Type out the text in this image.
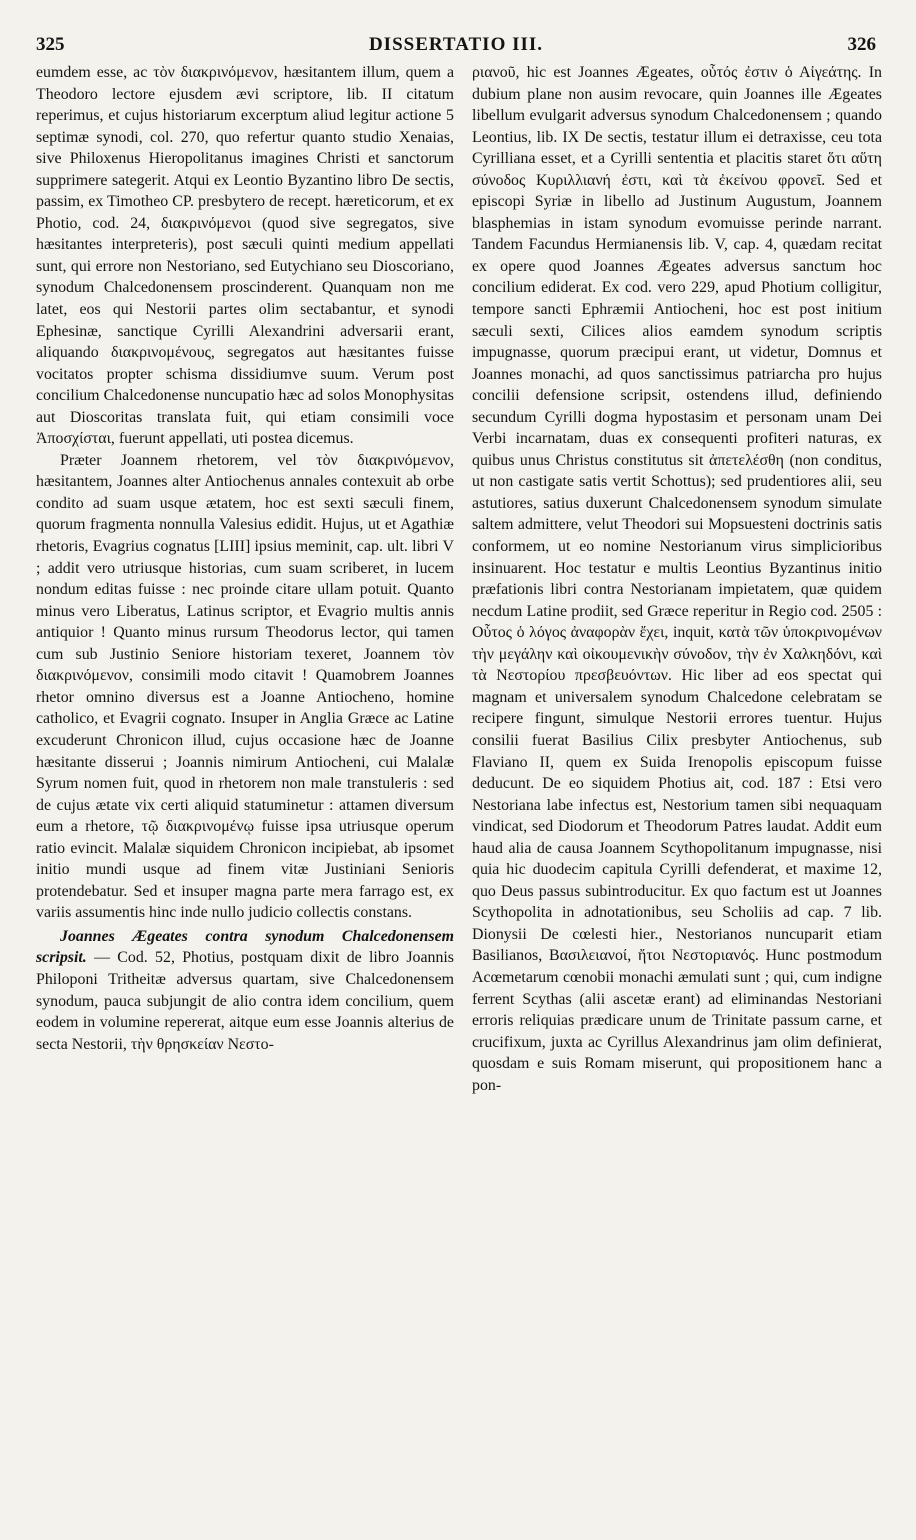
325	DISSERTATIO III.	326

eumdem esse, ac τὸν διακρινόμενον, hæsitantem illum, quem a Theodoro lectore ejusdem ævi scriptore, lib. II citatum reperimus, et cujus historiarum excerptum aliud legitur actione 5 septimæ synodi, col. 270, quo refertur quanto studio Xenaias, sive Philoxenus Hieropolitanus imagines Christi et sanctorum supprimere sategerit. Atqui ex Leontio Byzantino libro De sectis, passim, ex Timotheo CP. presbytero de recept. hæreticorum, et ex Photio, cod. 24, διακρινόμενοι (quod sive segregatos, sive hæsitantes interpreteris), post sæculi quinti medium appellati sunt, qui errore non Nestoriano, sed Eutychiano seu Dioscoriano, synodum Chalcedonensem proscinderent. Quanquam non me latet, eos qui Nestorii partes olim sectabantur, et synodi Ephesinæ, sanctique Cyrilli Alexandrini adversarii erant, aliquando διακρινομένους, segregatos aut hæsitantes fuisse vocitatos propter schisma dissidiumve suum. Verum post concilium Chalcedonense nuncupatio hæc ad solos Monophysitas aut Dioscoritas translata fuit, qui etiam consimili voce Ἀποσχίσται, fuerunt appellati, uti postea dicemus.

Præter Joannem rhetorem, vel τὸν διακρινόμενον, hæsitantem, Joannes alter Antiochenus annales contexuit ab orbe condito ad suam usque ætatem, hoc est sexti sæculi finem, quorum fragmenta nonnulla Valesius edidit. Hujus, ut et Agathiæ rhetoris, Evagrius cognatus [LIII] ipsius meminit, cap. ult. libri V ; addit vero utriusque historias, cum suam scriberet, in lucem nondum editas fuisse : nec proinde citare ullam potuit. Quanto minus vero Liberatus, Latinus scriptor, et Evagrio multis annis antiquior ! Quanto minus rursum Theodorus lector, qui tamen cum sub Justinio Seniore historiam texeret, Joannem τὸν διακρινόμενον, consimili modo citavit ! Quamobrem Joannes rhetor omnino diversus est a Joanne Antiocheno, homine catholico, et Evagrii cognato. Insuper in Anglia Græce ac Latine excuderunt Chronicon illud, cujus occasione hæc de Joanne hæsitante disserui ; Joannis nimirum Antiocheni, cui Malalæ Syrum nomen fuit, quod in rhetorem non male transtuleris : sed de cujus ætate vix certi aliquid statuminetur : attamen diversum eum a rhetore, τῷ διακρινομένῳ fuisse ipsa utriusque operum ratio evincit. Malalæ siquidem Chronicon incipiebat, ab ipsomet initio mundi usque ad finem vitæ Justiniani Senioris protendebatur. Sed et insuper magna parte mera farrago est, ex variis assumentis hinc inde nullo judicio collectis constans.

Joannes Ægeates contra synodum Chalcedonensem scripsit. — Cod. 52, Photius, postquam dixit de libro Joannis Philoponi Tritheitæ adversus quartam, sive Chalcedonensem synodum, pauca subjungit de alio contra idem concilium, quem eodem in volumine repererat, aitque eum esse Joannis alterius de secta Nestorii, τὴν θρησκείαν Νεστο-

ριανοῦ, hic est Joannes Ægeates, οὗτός ἐστιν ὁ Αἰγεάτης. In dubium plane non ausim revocare, quin Joannes ille Ægeates libellum evulgarit adversus synodum Chalcedonensem ; quando Leontius, lib. IX De sectis, testatur illum ei detraxisse, ceu tota Cyrilliana esset, et a Cyrilli sententia et placitis staret ὅτι αὕτη σύνοδος Κυριλλιανή ἐστι, καὶ τὰ ἐκείνου φρονεῖ. Sed et episcopi Syriæ in libello ad Justinum Augustum, Joannem blasphemias in istam synodum evomuisse perinde narrant. Tandem Facundus Hermianensis lib. V, cap. 4, quædam recitat ex opere quod Joannes Ægeates adversus sanctum hoc concilium ediderat. Ex cod. vero 229, apud Photium colligitur, tempore sancti Ephræmii Antiocheni, hoc est post initium sæculi sexti, Cilices alios eamdem synodum scriptis impugnasse, quorum præcipui erant, ut videtur, Domnus et Joannes monachi, ad quos sanctissimus patriarcha pro hujus concilii defensione scripsit, ostendens illud, definiendo secundum Cyrilli dogma hypostasim et personam unam Dei Verbi incarnatam, duas ex consequenti profiteri naturas, ex quibus unus Christus constitutus sit ἀπετελέσθη (non conditus, ut non castigate satis vertit Schottus); sed prudentiores alii, seu astutiores, satius duxerunt Chalcedonensem synodum simulate saltem admittere, velut Theodori sui Mopsuesteni doctrinis satis conformem, ut eo nomine Nestorianum virus simplicioribus insinuarent. Hoc testatur e multis Leontius Byzantinus initio præfationis libri contra Nestorianam impietatem, quæ quidem necdum Latine prodiit, sed Græce reperitur in Regio cod. 2505 : Οὗτος ὁ λόγος ἀναφορὰν ἔχει, inquit, κατὰ τῶν ὑποκρινομένων τὴν μεγάλην καὶ οἰκουμενικὴν σύνοδον, τὴν ἐν Χαλκηδόνι, καὶ τὰ Νεστορίου πρεσβευόντων. Hic liber ad eos spectat qui magnam et universalem synodum Chalcedone celebratam se recipere fingunt, simulque Nestorii errores tuentur. Hujus consilii fuerat Basilius Cilix presbyter Antiochenus, sub Flaviano II, quem ex Suida Irenopolis episcopum fuisse deducunt. De eo siquidem Photius ait, cod. 187 : Etsi vero Nestoriana labe infectus est, Nestorium tamen sibi nequaquam vindicat, sed Diodorum et Theodorum Patres laudat. Addit eum haud alia de causa Joannem Scythopolitanum impugnasse, nisi quia hic duodecim capitula Cyrilli defenderat, et maxime 12, quo Deus passus subintroducitur. Ex quo factum est ut Joannes Scythopolita in adnotationibus, seu Scholiis ad cap. 7 lib. Dionysii De cœlesti hier., Nestorianos nuncuparit etiam Basilianos, Βασιλειανοί, ἤτοι Νεστοριανός. Hunc postmodum Acœmetarum cœnobii monachi æmulati sunt ; qui, cum indigne ferrent Scythas (alii ascetæ erant) ad eliminandas Nestoriani erroris reliquias prædicare unum de Trinitate passum carne, et crucifixum, juxta ac Cyrillus Alexandrinus jam olim definierat, quosdam e suis Romam miserunt, qui propositionem hanc a pon-
